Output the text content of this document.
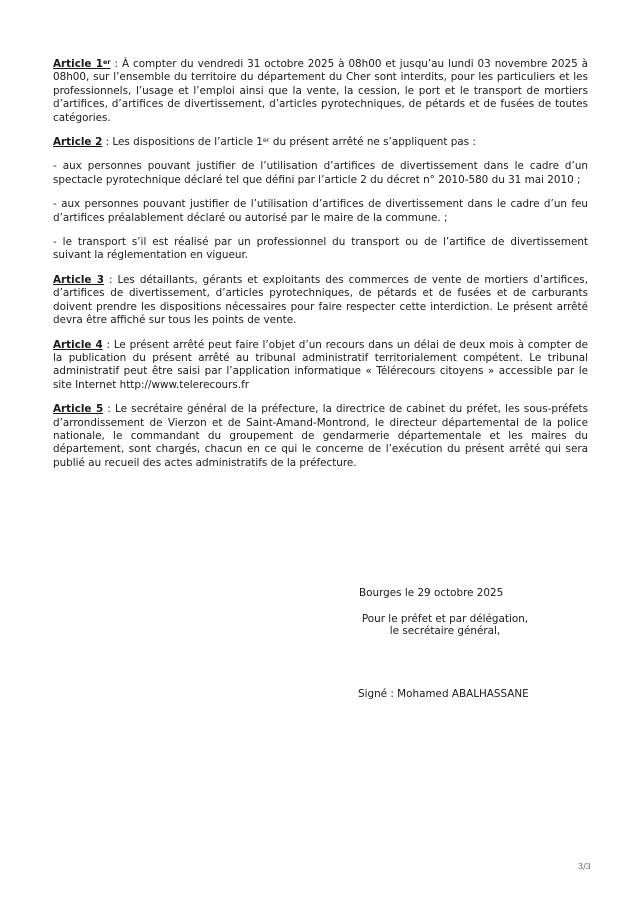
Article 1er : À compter du vendredi 31 octobre 2025 à 08h00 et jusqu’au lundi 03 novembre 2025 à 08h00, sur l’ensemble du territoire du département du Cher sont interdits, pour les particuliers et les professionnels, l’usage et l’emploi ainsi que la vente, la cession, le port et le transport de mortiers d’artifices, d’artifices de divertissement, d’articles pyrotechniques, de pétards et de fusées de toutes catégories.

Article 2 : Les dispositions de l’article 1er du présent arrêté ne s’appliquent pas :

- aux personnes pouvant justifier de l’utilisation d’artifices de divertissement dans le cadre d’un spectacle pyrotechnique déclaré tel que défini par l’article 2 du décret n° 2010-580 du 31 mai 2010 ;

- aux personnes pouvant justifier de l’utilisation d’artifices de divertissement dans le cadre d’un feu d’artifices préalablement déclaré ou autorisé par le maire de la commune. ;

- le transport s’il est réalisé par un professionnel du transport ou de l’artifice de divertissement suivant la réglementation en vigueur.

Article 3 : Les détaillants, gérants et exploitants des commerces de vente de mortiers d’artifices, d’artifices de divertissement, d’articles pyrotechniques, de pétards et de fusées et de carburants doivent prendre les dispositions nécessaires pour faire respecter cette interdiction. Le présent arrêté devra être affiché sur tous les points de vente.

Article 4 : Le présent arrêté peut faire l’objet d’un recours dans un délai de deux mois à compter de la publication du présent arrêté au tribunal administratif territorialement compétent. Le tribunal administratif peut être saisi par l’application informatique « Télérecours citoyens » accessible par le site Internet http://www.telerecours.fr

Article 5 : Le secrétaire général de la préfecture, la directrice de cabinet du préfet, les sous-préfets d’arrondissement de Vierzon et de Saint-Amand-Montrond, le directeur départemental de la police nationale, le commandant du groupement de gendarmerie départementale et les maires du département, sont chargés, chacun en ce qui le concerne de l’exécution du présent arrêté qui sera publié au recueil des actes administratifs de la préfecture.

Bourges le 29 octobre 2025
Pour le préfet et par délégation,
le secrétaire général,
Signé : Mohamed ABALHASSANE
3/3
